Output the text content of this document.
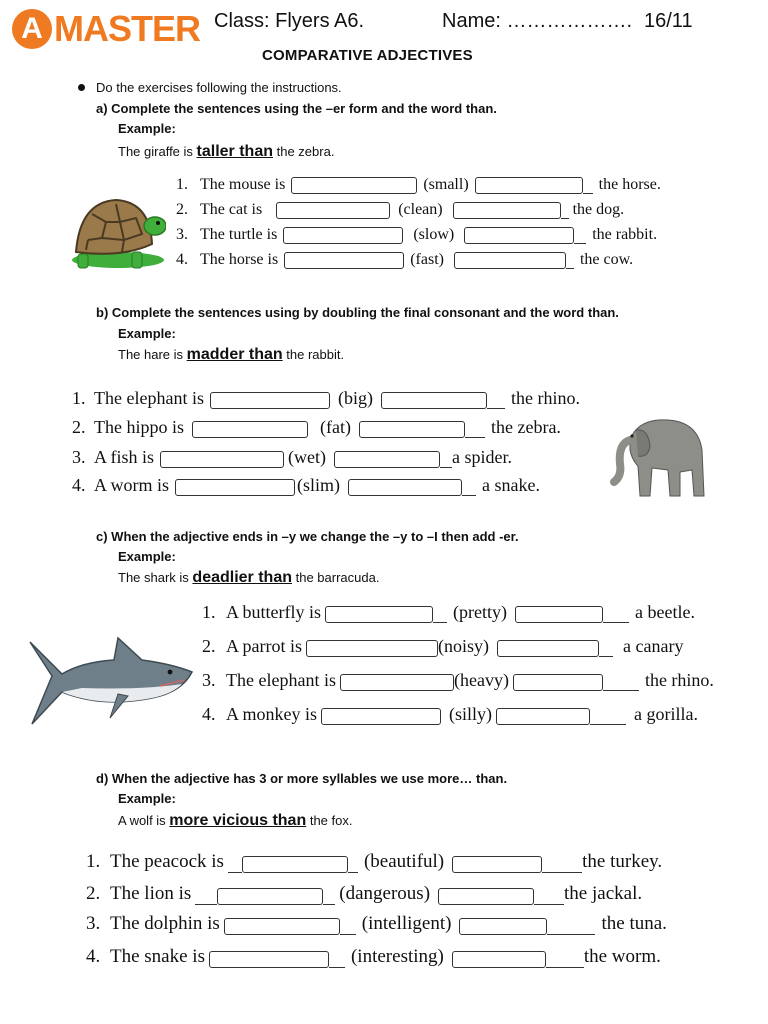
A MASTER Class: Flyers A6.	Name: ………………. 16/11
COMPARATIVE ADJECTIVES
Do the exercises following the instructions.
a) Complete the sentences using the –er form and the word than.
Example:
The giraffe is taller than the zebra.
1. The mouse is	(small)	the horse.
2. The cat is	(clean)	the dog.
3. The turtle is	(slow)	the rabbit.
4. The horse is	(fast)	the cow.
b) Complete the sentences using by doubling the final consonant and the word than.
Example:
The hare is madder than the rabbit.
1. The elephant is	(big)	the rhino.
2. The hippo is	(fat)	the zebra.
3. A fish is	(wet)	a spider.
4. A worm is	(slim)	a snake.
c) When the adjective ends in –y we change the –y to –I then add -er.
Example:
The shark is deadlier than the barracuda.
1. A butterfly is	(pretty)	a beetle.
2. A parrot is	(noisy)	a canary
3. The elephant is	(heavy)	the rhino.
4. A monkey is	(silly)	a gorilla.
d) When the adjective has 3 or more syllables we use more… than.
Example:
A wolf is more vicious than the fox.
1. The peacock is	(beautiful)	the turkey.
2. The lion is	(dangerous)	the jackal.
3. The dolphin is	(intelligent)	the tuna.
4. The snake is	(interesting)	the worm.
